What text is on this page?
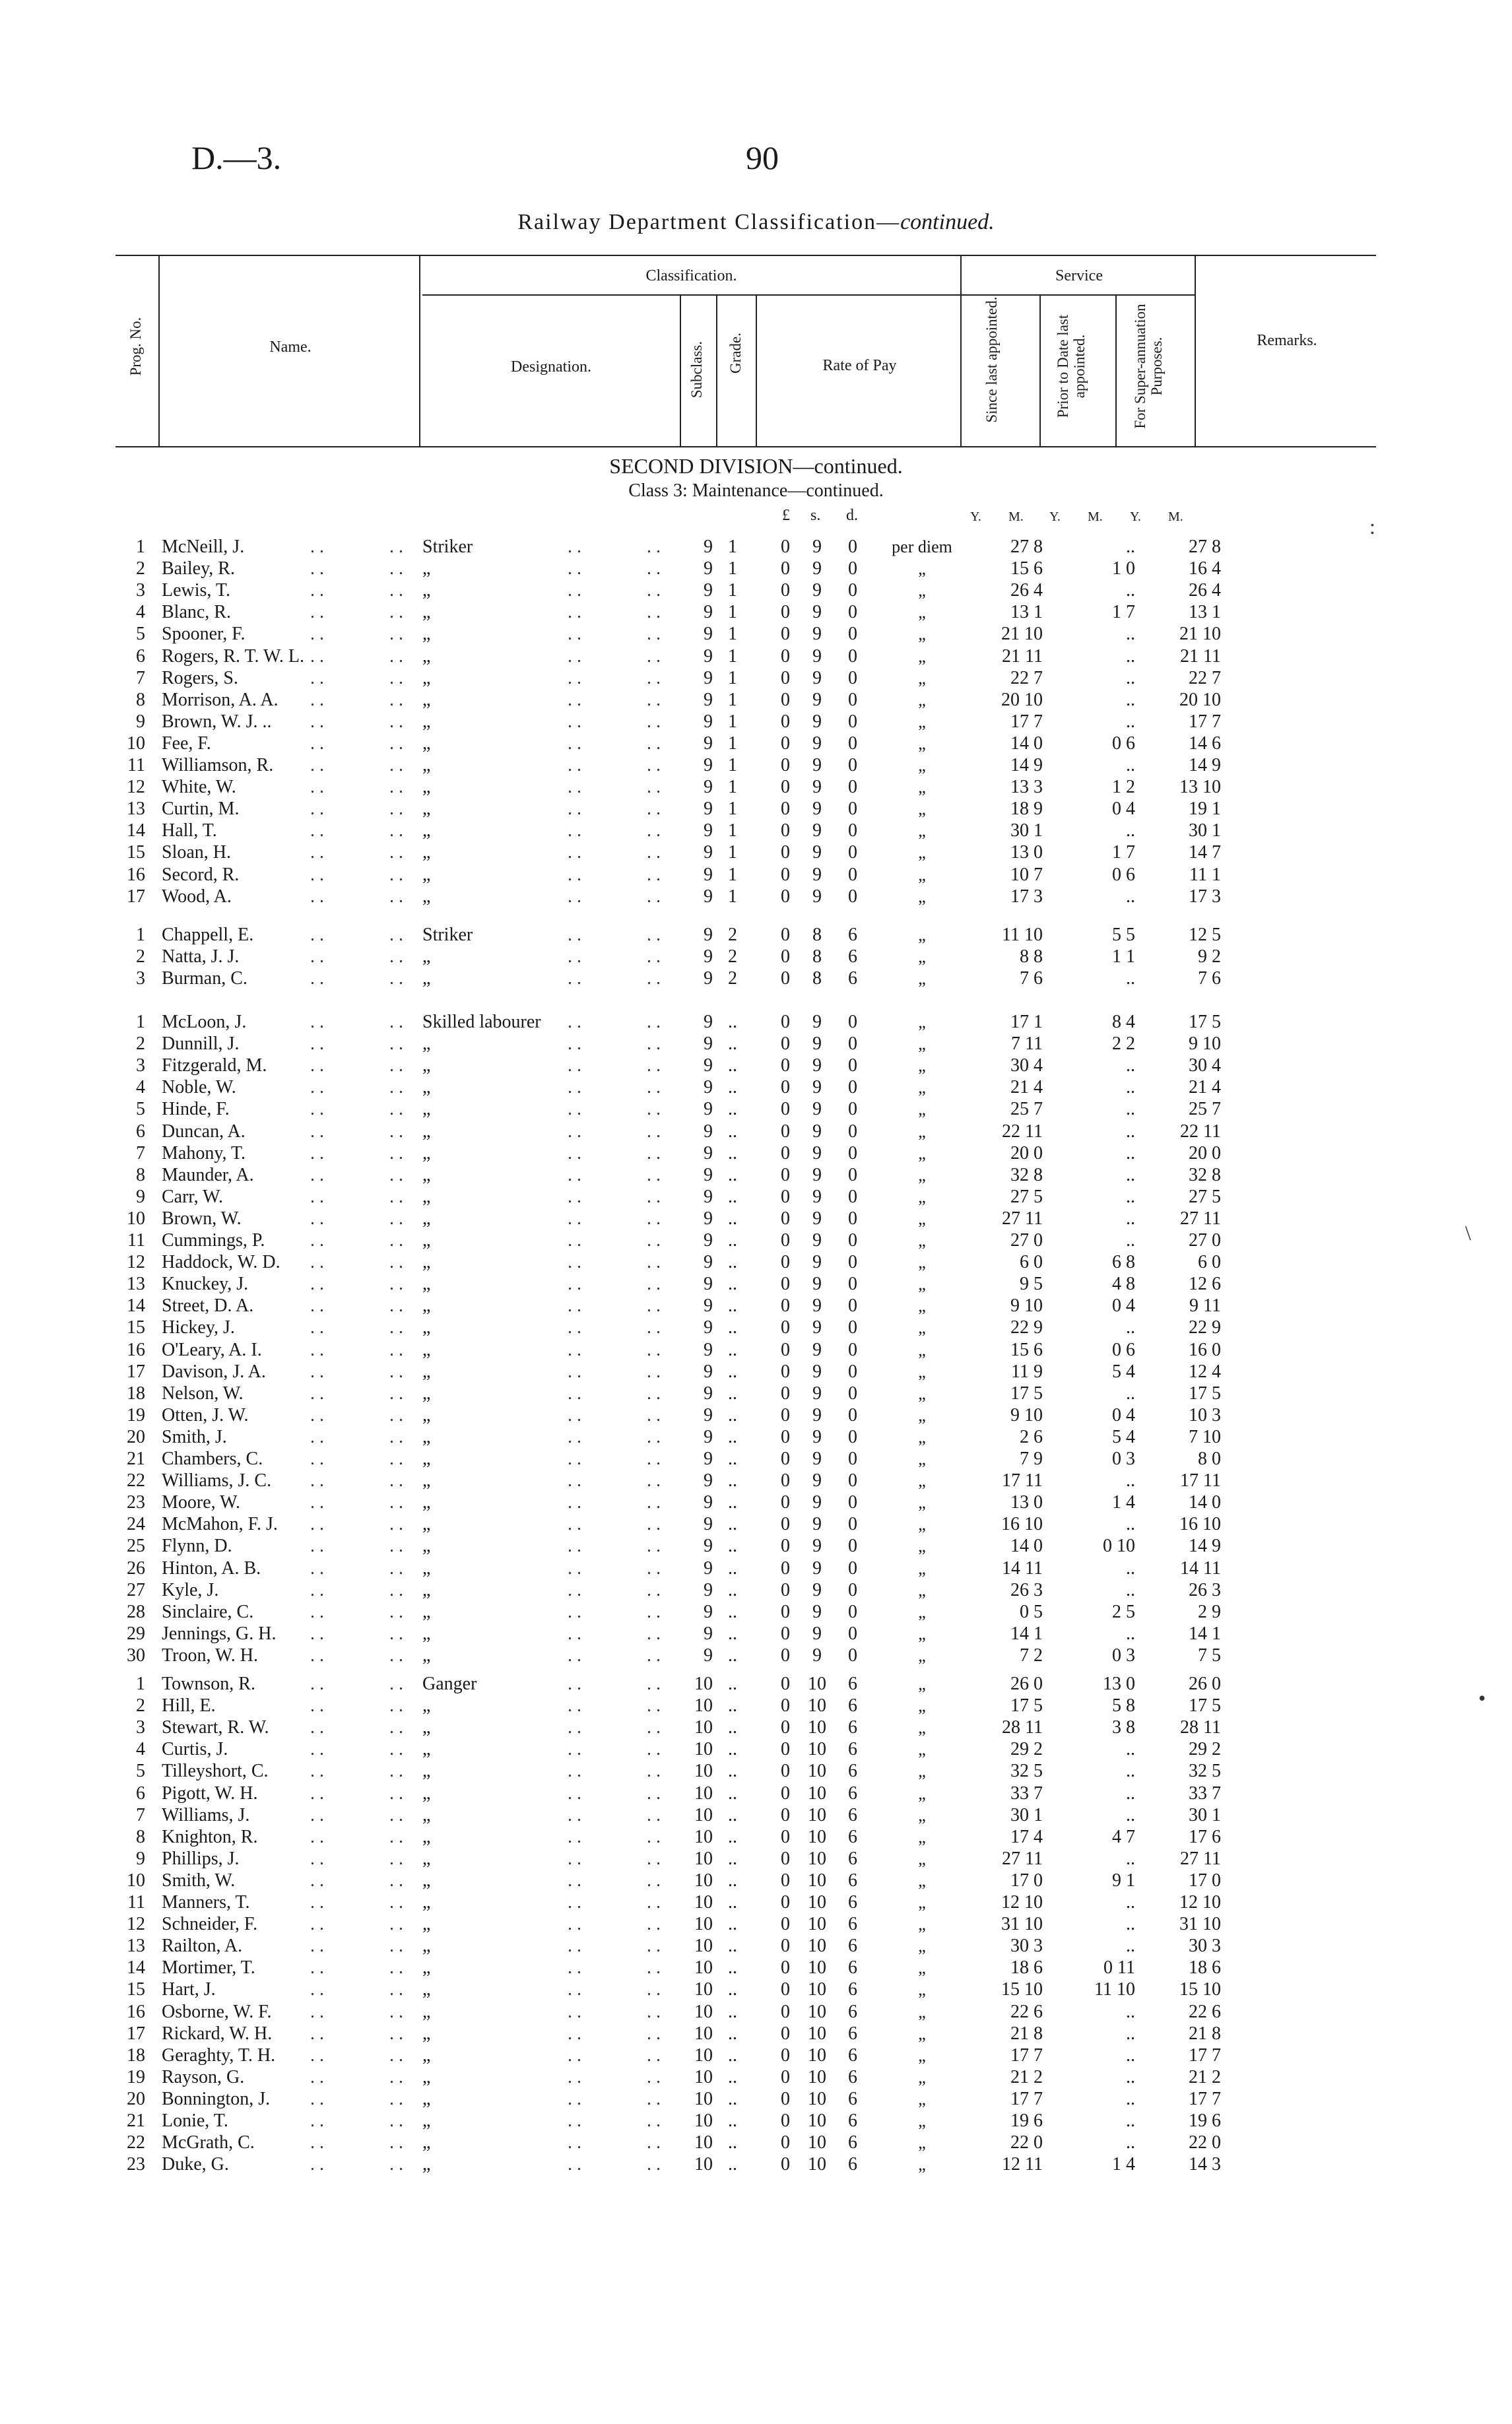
D.—3.	90
Railway Department Classification—continued.
Prog. No.	Name.
Classification.
Designation.	Subclass. Grade.	Rate of Pay
Service
Since last appointed.	Prior to Date last appointed.	For Super-annuation Purposes.	Remarks.
SECOND DIVISION—continued.
Class 3: Maintenance—continued.
£ s. d.	Y. M. Y. M. Y. M.
1 McNeill, J.	. .	. . Striker	. .	. .	9 1	0	9	0	per diem	27 8	..	27 8
2 Bailey, R.	. .	. . „	. .	. .	9 1	0	9	0	„	15 6	1 0	16 4
3 Lewis, T.	. .	. . „	. .	. .	9 1	0	9	0	„	26 4	..	26 4
4 Blanc, R.	. .	. . „	. .	. .	9 1	0	9	0	„	13 1	1 7	13 1
5 Spooner, F.	. .	. . „	. .	. .	9 1	0	9	0	„	21 10	..	21 10
6 Rogers, R. T. W. L. . .	. . „	. .	. .	9 1	0	9	0	„	21 11	..	21 11
7 Rogers, S.	. .	. . „	. .	. .	9 1	0	9	0	„	22 7	..	22 7
8 Morrison, A. A. . .	. . „	. .	. .	9 1	0	9	0	„	20 10	..	20 10
9 Brown, W. J. .. . .	. . „	. .	. .	9 1	0	9	0	„	17 7	..	17 7
10 Fee, F.	. .	. . „	. .	. .	9 1	0	9	0	„	14 0	0 6	14 6
11 Williamson, R. . .	. . „	. .	. .	9 1	0	9	0	„	14 9	..	14 9
12 White, W.	. .	. . „	. .	. .	9 1	0	9	0	„	13 3	1 2	13 10
13 Curtin, M.	. .	. . „	. .	. .	9 1	0	9	0	„	18 9	0 4	19 1
14 Hall, T.	. .	. . „	. .	. .	9 1	0	9	0	„	30 1	..	30 1
15 Sloan, H.	. .	. . „	. .	. .	9 1	0	9	0	„	13 0	1 7	14 7
16 Secord, R.	. .	. . „	. .	. .	9 1	0	9	0	„	10 7	0 6	11 1
17 Wood, A.	. .	. . „	. .	. .	9 1	0	9	0	„	17 3	..	17 3
1 Chappell, E.	. .	. . Striker	. .	. .	9 2	0	8	6	„	11 10	5 5	12 5
2 Natta, J. J.	. .	. . „	. .	. .	9 2	0	8	6	„	8 8	1 1	9 2
3 Burman, C.	. .	. . „	. .	. .	9 2	0	8	6	„	7 6	..	7 6
1 McLoon, J.	. .	. . Skilled labourer . .	. .	9 ..	0	9	0	„	17 1	8 4	17 5
2 Dunnill, J.	. .	. . „	. .	. .	9 ..	0	9	0	„	7 11	2 2	9 10
3 Fitzgerald, M. . .	. . „	. .	. .	9 ..	0	9	0	„	30 4	..	30 4
4 Noble, W.	. .	. . „	. .	. .	9 ..	0	9	0	„	21 4	..	21 4
5 Hinde, F.	. .	. . „	. .	. .	9 ..	0	9	0	„	25 7	..	25 7
6 Duncan, A.	. .	. . „	. .	. .	9 ..	0	9	0	„	22 11	..	22 11
7 Mahony, T.	. .	. . „	. .	. .	9 ..	0	9	0	„	20 0	..	20 0
8 Maunder, A.	. .	. . „	. .	. .	9 ..	0	9	0	„	32 8	..	32 8
9 Carr, W.	. .	. . „	. .	. .	9 ..	0	9	0	„	27 5	..	27 5
10 Brown, W.	. .	. . „	. .	. .	9 ..	0	9	0	„	27 11	..	27 11
11 Cummings, P. . .	. . „	. .	. .	9 ..	0	9	0	„	27 0	..	27 0
12 Haddock, W. D. . .	. . „	. .	. .	9 ..	0	9	0	„	6 0	6 8	6 0
13 Knuckey, J.	. .	. . „	. .	. .	9 ..	0	9	0	„	9 5	4 8	12 6
14 Street, D. A.	. .	. . „	. .	. .	9 ..	0	9	0	„	9 10	0 4	9 11
15 Hickey, J.	. .	. . „	. .	. .	9 ..	0	9	0	„	22 9	..	22 9
16 O'Leary, A. I.	. .	. . „	. .	. .	9 ..	0	9	0	„	15 6	0 6	16 0
17 Davison, J. A. . .	. . „	. .	. .	9 ..	0	9	0	„	11 9	5 4	12 4
18 Nelson, W.	. .	. . „	. .	. .	9 ..	0	9	0	„	17 5	..	17 5
19 Otten, J. W.	. .	. . „	. .	. .	9 ..	0	9	0	„	9 10	0 4	10 3
20 Smith, J.	. .	. . „	. .	. .	9 ..	0	9	0	„	2 6	5 4	7 10
21 Chambers, C.	. .	. . „	. .	. .	9 ..	0	9	0	„	7 9	0 3	8 0
22 Williams, J. C. . .	. . „	. .	. .	9 ..	0	9	0	„	17 11	..	17 11
23 Moore, W.	. .	. . „	. .	. .	9 ..	0	9	0	„	13 0	1 4	14 0
24 McMahon, F. J. . .	. . „	. .	. .	9 ..	0	9	0	„	16 10	..	16 10
25 Flynn, D.	. .	. . „	. .	. .	9 ..	0	9	0	„	14 0	0 10	14 9
26 Hinton, A. B.	. .	. . „	. .	. .	9 ..	0	9	0	„	14 11	..	14 11
27 Kyle, J.	. .	. . „	. .	. .	9 ..	0	9	0	„	26 3	..	26 3
28 Sinclaire, C.	. .	. . „	. .	. .	9 ..	0	9	0	„	0 5	2 5	2 9
29 Jennings, G. H. . .	. . „	. .	. .	9 ..	0	9	0	„	14 1	..	14 1
30 Troon, W. H.	. .	. . „	. .	. .	9 ..	0	9	0	„	7 2	0 3	7 5
1 Townson, R.	. .	. . Ganger	. .	. .	10 ..	0 10	6	„	26 0	13 0	26 0
2 Hill, E.	. .	. . „	. .	. .	10 ..	0 10	6	„	17 5	5 8	17 5
3 Stewart, R. W. . .	. . „	. .	. .	10 ..	0 10	6	„	28 11	3 8	28 11
4 Curtis, J.	. .	. . „	. .	. .	10 ..	0 10	6	„	29 2	..	29 2
5 Tilleyshort, C. . .	. . „	. .	. .	10 ..	0 10	6	„	32 5	..	32 5
6 Pigott, W. H.	. .	. . „	. .	. .	10 ..	0 10	6	„	33 7	..	33 7
7 Williams, J.	. .	. . „	. .	. .	10 ..	0 10	6	„	30 1	..	30 1
8 Knighton, R.	. .	. . „	. .	. .	10 ..	0 10	6	„	17 4	4 7	17 6
9 Phillips, J.	. .	. . „	. .	. .	10 ..	0 10	6	„	27 11	..	27 11
10 Smith, W.	. .	. . „	. .	. .	10 ..	0 10	6	„	17 0	9 1	17 0
11 Manners, T.	. .	. . „	. .	. .	10 ..	0 10	6	„	12 10	..	12 10
12 Schneider, F.	. .	. . „	. .	. .	10 ..	0 10	6	„	31 10	..	31 10
13 Railton, A.	. .	. . „	. .	. .	10 ..	0 10	6	„	30 3	..	30 3
14 Mortimer, T.	. .	. . „	. .	. .	10 ..	0 10	6	„	18 6	0 11	18 6
15 Hart, J.	. .	. . „	. .	. .	10 ..	0 10	6	„	15 10	11 10	15 10
16 Osborne, W. F. . .	. . „	. .	. .	10 ..	0 10	6	„	22 6	..	22 6
17 Rickard, W. H. . .	. . „	. .	. .	10 ..	0 10	6	„	21 8	..	21 8
18 Geraghty, T. H. . .	. . „	. .	. .	10 ..	0 10	6	„	17 7	..	17 7
19 Rayson, G.	. .	. . „	. .	. .	10 ..	0 10	6	„	21 2	..	21 2
20 Bonnington, J. . .	. . „	. .	. .	10 ..	0 10	6	„	17 7	..	17 7
21 Lonie, T.	. .	. . „	. .	. .	10 ..	0 10	6	„	19 6	..	19 6
22 McGrath, C.	. .	. . „	. .	. .	10 ..	0 10	6	„	22 0	..	22 0
23 Duke, G.	. .	. . „	. .	. .	10 ..	0 10	6	„	12 11	1 4	14 3
:
\
•
